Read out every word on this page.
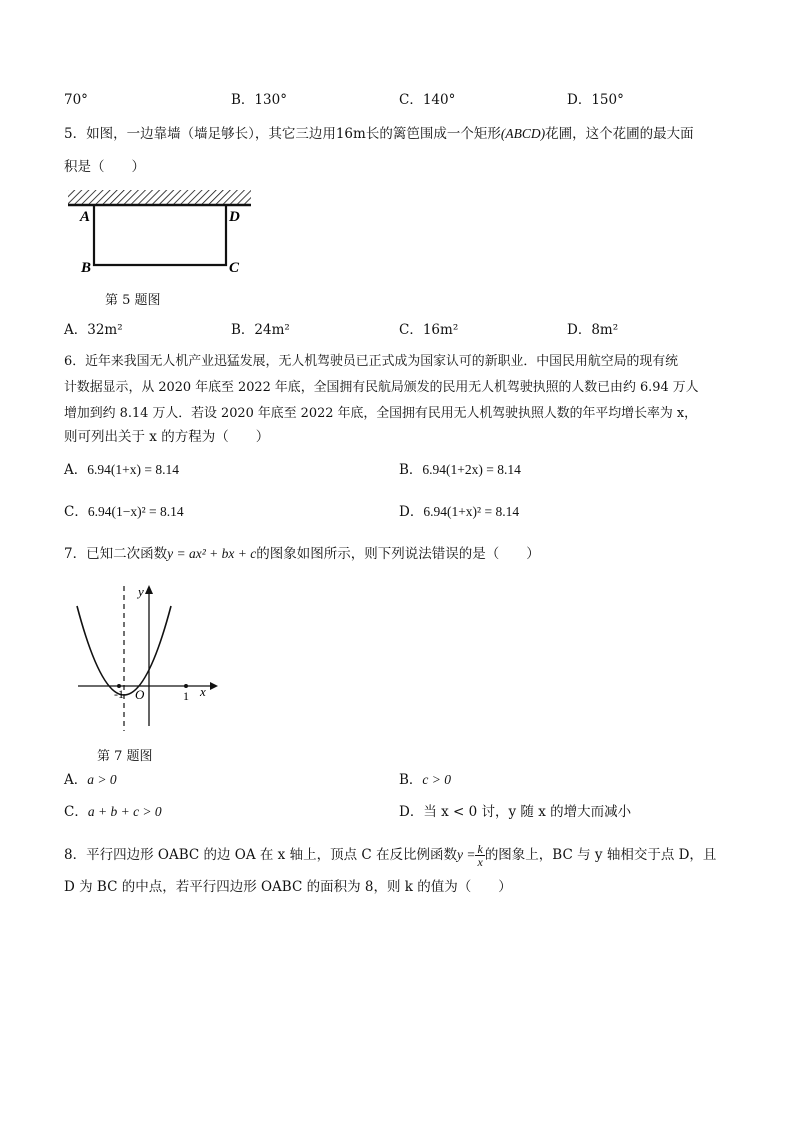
70°	B．130°	C．140°	D．150°
5．如图，一边靠墙（墙足够长），其它三边用16m长的篱笆围成一个矩形(ABCD)花圃，这个花圃的最大面
积是（　　）
A	D
B	C
第 5 题图
A．32m²	B．24m²	C．16m²	D．8m²
6．近年来我国无人机产业迅猛发展，无人机驾驶员已正式成为国家认可的新职业．中国民用航空局的现有统
计数据显示，从 2020 年底至 2022 年底，全国拥有民航局颁发的民用无人机驾驶执照的人数已由约 6.94 万人
增加到约 8.14 万人．若设 2020 年底至 2022 年底，全国拥有民用无人机驾驶执照人数的年平均增长率为 x，
则可列出关于 x 的方程为（　　）
A．6.94(1+x) = 8.14	B．6.94(1+2x) = 8.14
C．6.94(1−x)² = 8.14	D．6.94(1+x)² = 8.14
7．已知二次函数y = ax² + bx + c的图象如图所示，则下列说法错误的是（　　）
y
x
O
-1	1
第 7 题图
A．a > 0	B．c > 0
C．a + b + c > 0	D．当 x < 0 讨，y 随 x 的增大而减小
8．平行四边形 OABC 的边 OA 在 x 轴上，顶点 C 在反比例函数$y = \frac{k}{x}$ 的图象上，BC 与 y 轴相交于点 D，且
D 为 BC 的中点，若平行四边形 OABC 的面积为 8，则 k 的值为（　　）
